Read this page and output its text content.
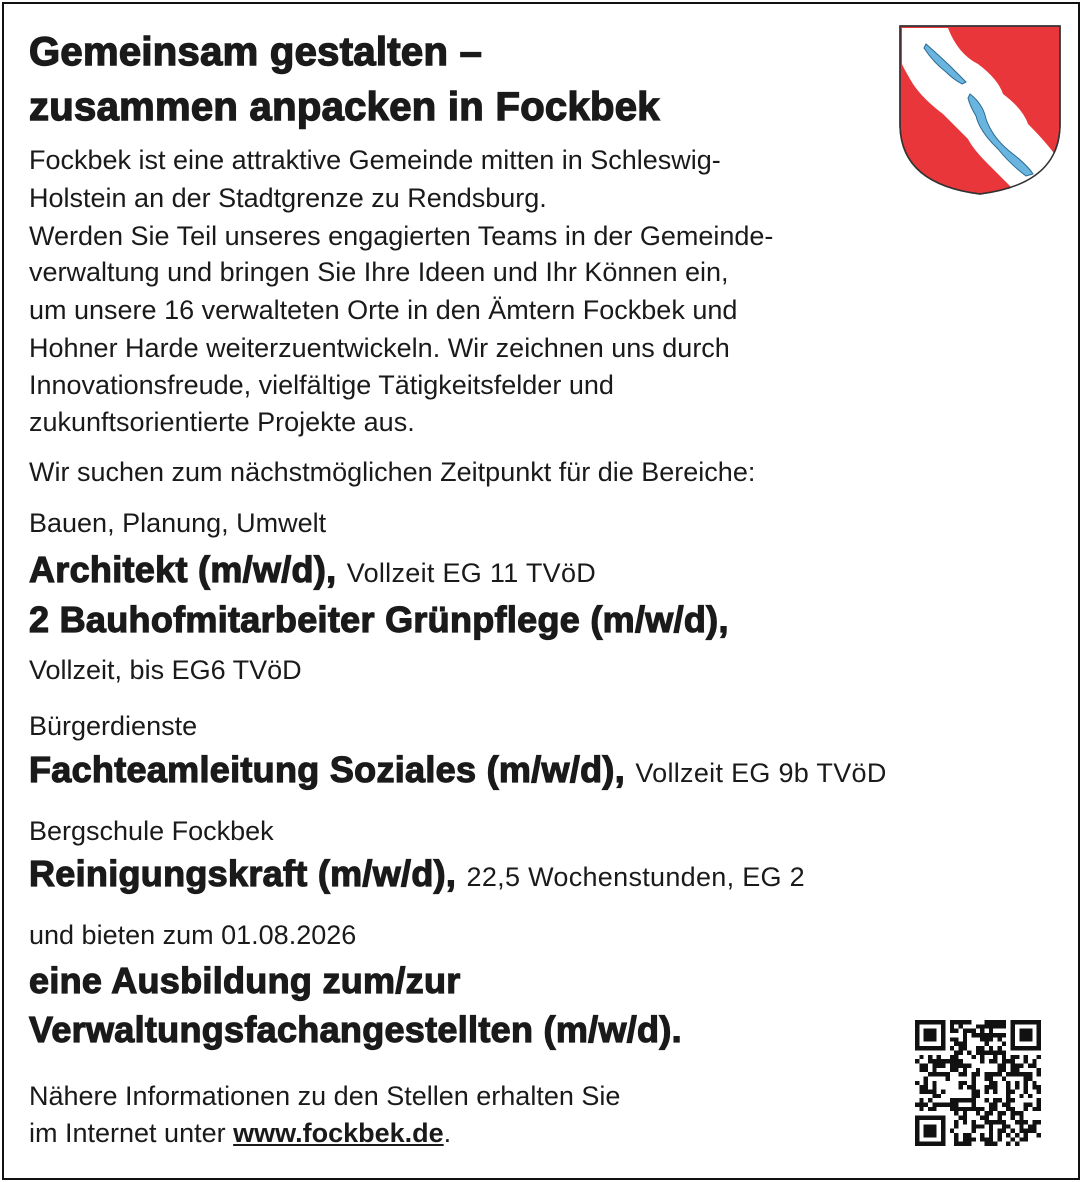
Gemeinsam gestalten –
zusammen anpacken in Fockbek
Fockbek ist eine attraktive Gemeinde mitten in Schleswig-
Holstein an der Stadtgrenze zu Rendsburg.
Werden Sie Teil unseres engagierten Teams in der Gemeinde-
verwaltung und bringen Sie Ihre Ideen und Ihr Können ein,
um unsere 16 verwalteten Orte in den Ämtern Fockbek und
Hohner Harde weiterzuentwickeln. Wir zeichnen uns durch
Innovationsfreude, vielfältige Tätigkeitsfelder und
zukunftsorientierte Projekte aus.
Wir suchen zum nächstmöglichen Zeitpunkt für die Bereiche:
Bauen, Planung, Umwelt
Architekt (m/w/d), Vollzeit EG 11 TVöD
2 Bauhofmitarbeiter Grünpflege (m/w/d),
Vollzeit, bis EG6 TVöD
Bürgerdienste
Fachteamleitung Soziales (m/w/d), Vollzeit EG 9b TVöD
Bergschule Fockbek
Reinigungskraft (m/w/d), 22,5 Wochenstunden, EG 2
und bieten zum 01.08.2026
eine Ausbildung zum/zur
Verwaltungsfachangestellten (m/w/d).
Nähere Informationen zu den Stellen erhalten Sie
im Internet unter www.fockbek.de.
